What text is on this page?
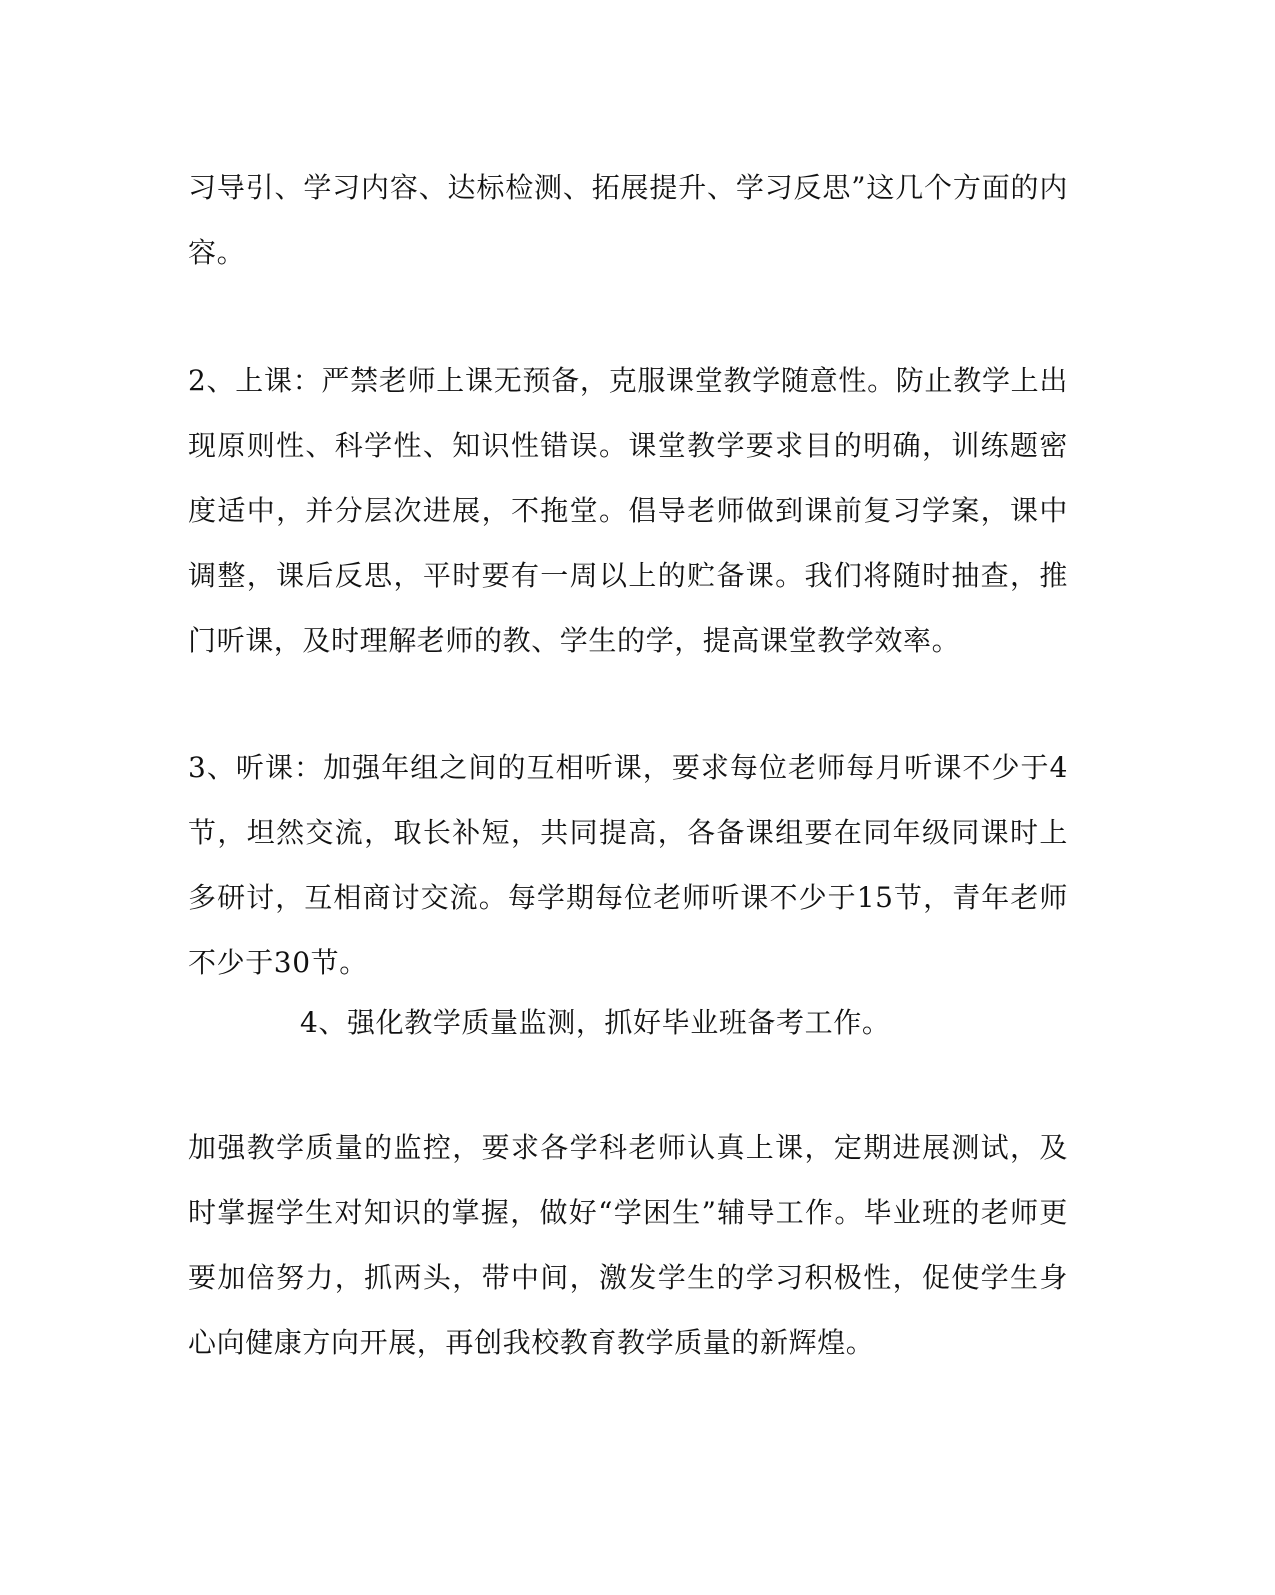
习导引、学习内容、达标检测、拓展提升、学习反思”这几个方面的内容。

2、上课：严禁老师上课无预备，克服课堂教学随意性。防止教学上出现原则性、科学性、知识性错误。课堂教学要求目的明确，训练题密度适中，并分层次进展，不拖堂。倡导老师做到课前复习学案，课中调整，课后反思，平时要有一周以上的贮备课。我们将随时抽查，推门听课，及时理解老师的教、学生的学，提高课堂教学效率。

3、听课：加强年组之间的互相听课，要求每位老师每月听课不少于4节，坦然交流，取长补短，共同提高，各备课组要在同年级同课时上多研讨，互相商讨交流。每学期每位老师听课不少于15节，青年老师不少于30节。

4、强化教学质量监测，抓好毕业班备考工作。

加强教学质量的监控，要求各学科老师认真上课，定期进展测试，及时掌握学生对知识的掌握，做好“学困生”辅导工作。毕业班的老师更要加倍努力，抓两头，带中间，激发学生的学习积极性，促使学生身心向健康方向开展，再创我校教育教学质量的新辉煌。
